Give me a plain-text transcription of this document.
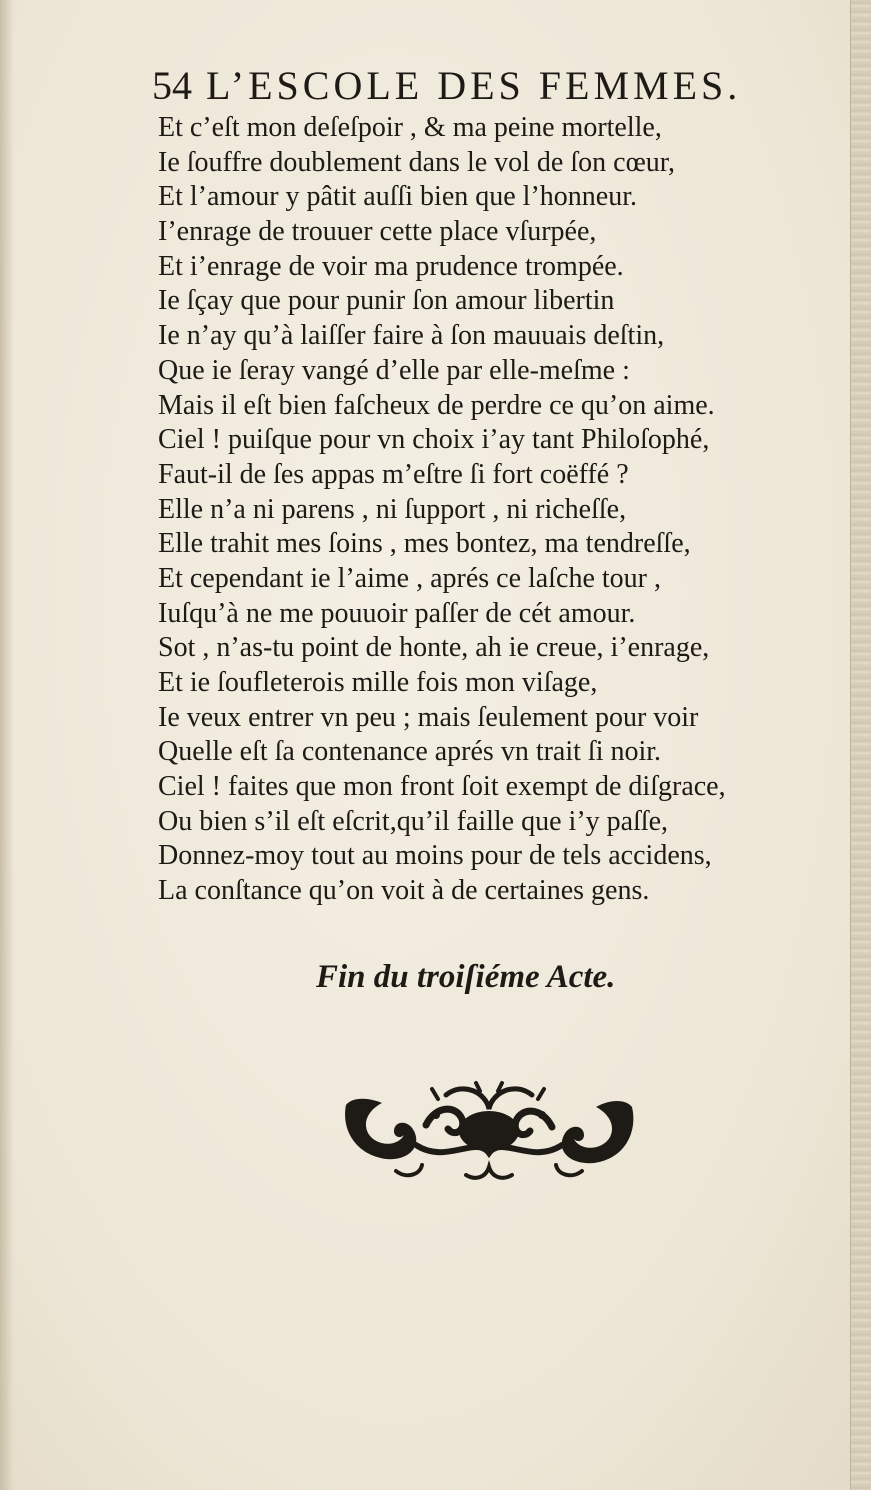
54 L’ESCOLE DES FEMMES.
Et c’eſt mon deſeſpoir , & ma peine mortelle,
Ie ſouffre doublement dans le vol de ſon cœur,
Et l’amour y pâtit auſſi bien que l’honneur.
I’enrage de trouuer cette place vſurpée,
Et i’enrage de voir ma prudence trompée.
Ie ſçay que pour punir ſon amour libertin
Ie n’ay qu’à laiſſer faire à ſon mauuais deſtin,
Que ie ſeray vangé d’elle par elle-meſme :
Mais il eſt bien faſcheux de perdre ce qu’on aime.
Ciel ! puiſque pour vn choix i’ay tant Philoſophé,
Faut-il de ſes appas m’eſtre ſi fort coëffé ?
Elle n’a ni parens , ni ſupport , ni richeſſe,
Elle trahit mes ſoins , mes bontez, ma tendreſſe,
Et cependant ie l’aime , aprés ce laſche tour ,
Iuſqu’à ne me pouuoir paſſer de cét amour.
Sot , n’as-tu point de honte, ah ie creue, i’enrage,
Et ie ſoufleterois mille fois mon viſage,
Ie veux entrer vn peu ; mais ſeulement pour voir
Quelle eſt ſa contenance aprés vn trait ſi noir.
Ciel ! faites que mon front ſoit exempt de diſgrace,
Ou bien s’il eſt eſcrit,qu’il faille que i’y paſſe,
Donnez-moy tout au moins pour de tels accidens,
La conſtance qu’on voit à de certaines gens.
Fin du troiſiéme Acte.
